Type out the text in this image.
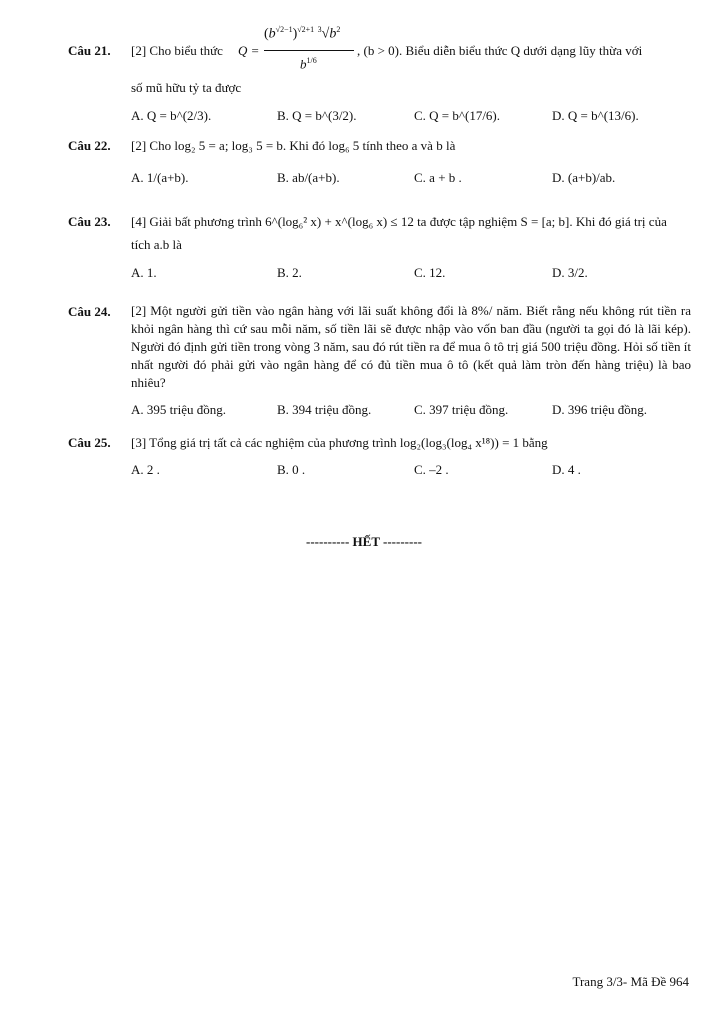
Câu 21. [2] Cho biểu thức Q =
$(b^{√2-1})^{√2+1}$ $^3√b^2$
$b^{1/6}$
, (b > 0). Biểu diễn biểu thức Q dưới dạng lũy thừa với
số mũ hữu tỷ ta được
A. Q = b^(2/3).	B. Q = b^(3/2).	C. Q = b^(17/6).	D. Q = b^(13/6).
Câu 22. [2] Cho log₂ 5 = a; log₃ 5 = b. Khi đó log₆ 5 tính theo a và b là
A. 1/(a+b).	B. ab/(a+b).	C. a + b .	D. (a+b)/ab.
Câu 23. [4] Giải bất phương trình 6^(log₆² x) + x^(log₆ x) ≤ 12 ta được tập nghiệm S = [a; b]. Khi đó giá trị của
tích a.b là
A. 1.	B. 2.	C. 12.	D. 3/2.
Câu 24. [2] Một người gửi tiền vào ngân hàng với lãi suất không đổi là 8%/ năm. Biết rằng nếu không rút tiền ra khỏi ngân hàng thì cứ sau mỗi năm, số tiền lãi sẽ được nhập vào vốn ban đầu (người ta gọi đó là lãi kép). Người đó định gửi tiền trong vòng 3 năm, sau đó rút tiền ra để mua ô tô trị giá 500 triệu đồng. Hỏi số tiền ít nhất người đó phải gửi vào ngân hàng để có đủ tiền mua ô tô (kết quả làm tròn đến hàng triệu) là bao nhiêu?
A. 395 triệu đồng.	B. 394 triệu đồng.	C. 397 triệu đồng.	D. 396 triệu đồng.
Câu 25. [3] Tổng giá trị tất cả các nghiệm của phương trình log₂(log₃(log₄ x¹⁸)) = 1 bằng
A. 2 .	B. 0 .	C. –2 .	D. 4 .
---------- HẾT ---------
Trang 3/3- Mã Đề 964
